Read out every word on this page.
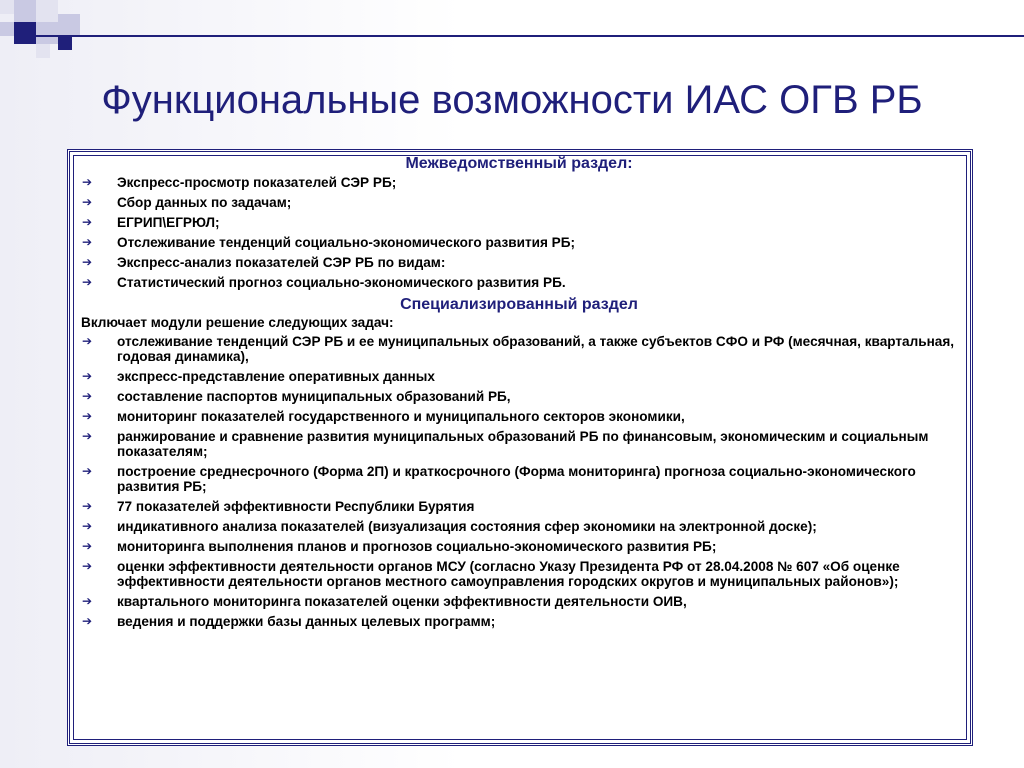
Функциональные возможности ИАС ОГВ РБ
Межведомственный раздел:
➔ Экспресс-просмотр показателей СЭР РБ;
➔ Сбор данных по задачам;
➔ ЕГРИП\ЕГРЮЛ;
➔ Отслеживание тенденций социально-экономического развития РБ;
➔ Экспресс-анализ показателей СЭР РБ по видам:
➔ Статистический прогноз социально-экономического развития РБ.
Специализированный раздел
Включает модули решение следующих задач:
➔ отслеживание тенденций СЭР РБ и ее муниципальных образований, а также субъектов СФО и РФ (месячная, квартальная, годовая динамика),
➔ экспресс-представление оперативных данных
➔ составление паспортов муниципальных образований РБ,
➔ мониторинг показателей государственного и муниципального секторов экономики,
➔ ранжирование и сравнение развития муниципальных образований РБ по финансовым, экономическим и социальным показателям;
➔ построение среднесрочного (Форма 2П) и краткосрочного (Форма мониторинга) прогноза социально-экономического развития РБ;
➔ 77 показателей эффективности Республики Бурятия
➔ индикативного анализа показателей (визуализация состояния сфер экономики на электронной доске);
➔ мониторинга выполнения планов и прогнозов социально-экономического развития РБ;
➔ оценки эффективности деятельности органов МСУ (согласно Указу Президента РФ от 28.04.2008 № 607 «Об оценке эффективности деятельности органов местного самоуправления городских округов и муниципальных районов»);
➔ квартального мониторинга показателей оценки эффективности деятельности ОИВ,
➔ ведения и поддержки базы данных целевых программ;
